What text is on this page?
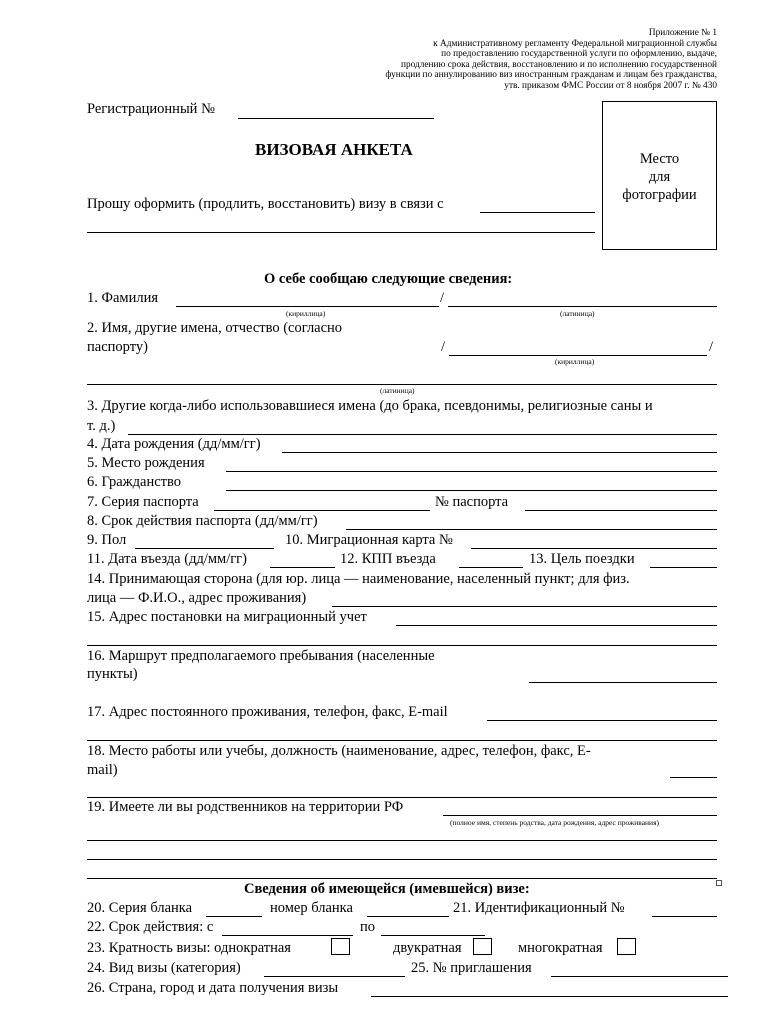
Приложение № 1
к Административному регламенту Федеральной миграционной службы
по предоставлению государственной услуги по оформлению, выдаче,
продлению срока действия, восстановлению и по исполнению государственной
функции по аннулированию виз иностранным гражданам и лицам без гражданства,
утв. приказом ФМС России от 8 ноября 2007 г. № 430
Регистрационный №
ВИЗОВАЯ АНКЕТА	Место
для
фотографии
Прошу оформить (продлить, восстановить) визу в связи с
О себе сообщаю следующие сведения:
1. Фамилия	/
(кириллица)	(латиница)
2. Имя, другие имена, отчество (согласно
паспорту)	/	/
(кириллица)
(латиница)
3. Другие когда-либо использовавшиеся имена (до брака, псевдонимы, религиозные саны и
т. д.)
4. Дата рождения (дд/мм/гг)
5. Место рождения
6. Гражданство
7. Серия паспорта	№ паспорта
8. Срок действия паспорта (дд/мм/гг)
9. Пол	10. Миграционная карта №
11. Дата въезда (дд/мм/гг)	12. КПП въезда	13. Цель поездки
14. Принимающая сторона (для юр. лица — наименование, населенный пункт; для физ.
лица — Ф.И.О., адрес проживания)
15. Адрес постановки на миграционный учет
16. Маршрут предполагаемого пребывания (населенные
пункты)
17. Адрес постоянного проживания, телефон, факс, E-mail
18. Место работы или учебы, должность (наименование, адрес, телефон, факс, E-
mail)
19. Имеете ли вы родственников на территории РФ
(полное имя, степень родства, дата рождения, адрес проживания)
Сведения об имеющейся (имевшейся) визе:
20. Серия бланка	номер бланка	21. Идентификационный №
22. Срок действия: с	по
23. Кратность визы: однократная	двукратная	многократная
24. Вид визы (категория)	25. № приглашения
26. Страна, город и дата получения визы
